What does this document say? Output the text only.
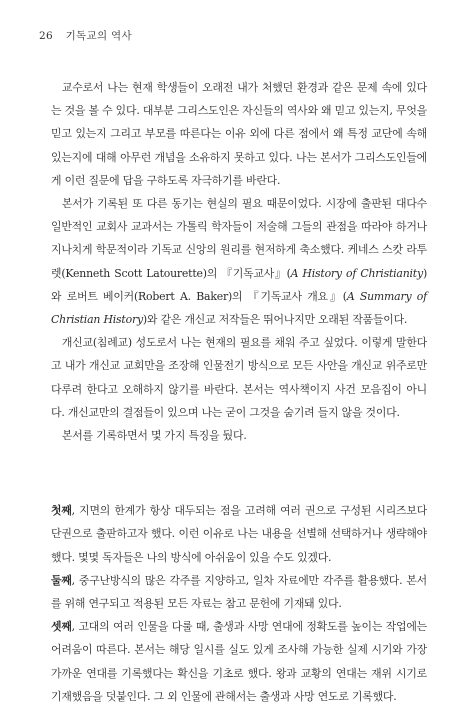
26 기독교의 역사

교수로서 나는 현재 학생들이 오래전 내가 처했던 환경과 같은 문제 속에 있다는 것을 볼 수 있다. 대부분 그리스도인은 자신들의 역사와 왜 믿고 있는지, 무엇을 믿고 있는지 그리고 부모를 따른다는 이유 외에 다른 점에서 왜 특정 교단에 속해 있는지에 대해 아무런 개념을 소유하지 못하고 있다. 나는 본서가 그리스도인들에게 이런 질문에 답을 구하도록 자극하기를 바란다.

본서가 기록된 또 다른 동기는 현실의 필요 때문이었다. 시장에 출판된 대다수 일반적인 교회사 교과서는 가톨릭 학자들이 저술해 그들의 관점을 따라야 하거나 지나치게 학문적이라 기독교 신앙의 원리를 현저하게 축소했다. 케네스 스캇 라투렛(Kenneth Scott Latourette)의 『기독교사』(A History of Christianity)와 로버트 베이커(Robert A. Baker)의 『기독교사 개요』(A Summary of Christian History)와 같은 개신교 저작들은 뛰어나지만 오래된 작품들이다.

개신교(침례교) 성도로서 나는 현재의 필요를 채워 주고 싶었다. 이렇게 말한다고 내가 개신교 교회만을 조장해 인물전기 방식으로 모든 사안을 개신교 위주로만 다루려 한다고 오해하지 않기를 바란다. 본서는 역사책이지 사건 모음집이 아니다. 개신교만의 결점들이 있으며 나는 굳이 그것을 숨기려 들지 않을 것이다.

본서를 기록하면서 몇 가지 특징을 뒀다.

첫째, 지면의 한계가 항상 대두되는 점을 고려해 여러 권으로 구성된 시리즈보다 단권으로 출판하고자 했다. 이런 이유로 나는 내용을 선별해 선택하거나 생략해야 했다. 몇몇 독자들은 나의 방식에 아쉬움이 있을 수도 있겠다.

둘째, 중구난방식의 많은 각주를 지양하고, 일차 자료에만 각주를 활용했다. 본서를 위해 연구되고 적용된 모든 자료는 참고 문헌에 기재돼 있다.

셋째, 고대의 여러 인물을 다룰 때, 출생과 사망 연대에 정확도를 높이는 작업에는 어려움이 따른다. 본서는 해당 일시를 실도 있게 조사해 가능한 실제 시기와 가장 가까운 연대를 기록했다는 확신을 기초로 했다. 왕과 교황의 연대는 재위 시기로 기재했음을 덧붙인다. 그 외 인물에 관해서는 출생과 사망 연도로 기록했다.
